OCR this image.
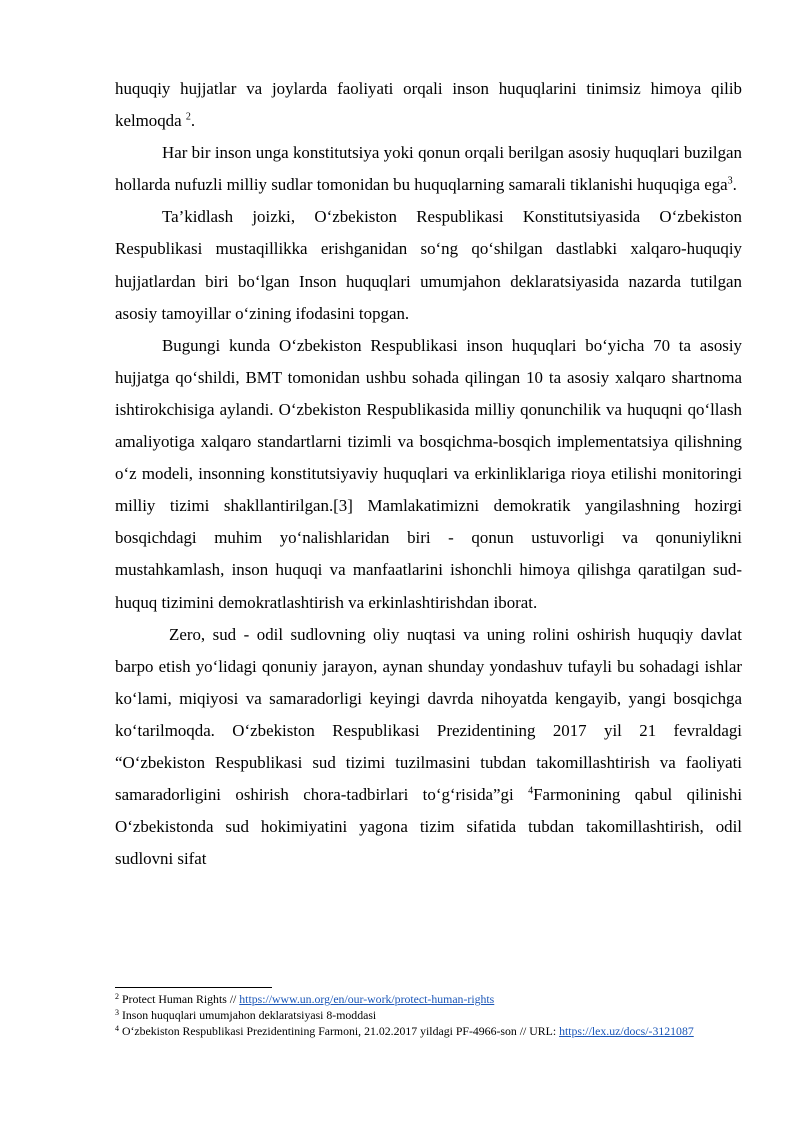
huquqiy hujjatlar va joylarda faoliyati orqali inson huquqlarini tinimsiz himoya qilib kelmoqda $^2$.

Har bir inson unga konstitutsiya yoki qonun orqali berilgan asosiy huquqlari buzilgan hollarda nufuzli milliy sudlar tomonidan bu huquqlarning samarali tiklanishi huquqiga ega$^3$.

Ta’kidlash joizki, O‘zbekiston Respublikasi Konstitutsiyasida O‘zbekiston Respublikasi mustaqillikka erishganidan so‘ng qo‘shilgan dastlabki xalqaro-huquqiy hujjatlardan biri bo‘lgan Inson huquqlari umumjahon deklaratsiyasida nazarda tutilgan asosiy tamoyillar o‘zining ifodasini topgan.

Bugungi kunda O‘zbekiston Respublikasi inson huquqlari bo‘yicha 70 ta asosiy hujjatga qo‘shildi, BMT tomonidan ushbu sohada qilingan 10 ta asosiy xalqaro shartnoma ishtirokchisiga aylandi. O‘zbekiston Respublikasida milliy qonunchilik va huquqni qo‘llash amaliyotiga xalqaro standartlarni tizimli va bosqichma-bosqich implementatsiya qilishning o‘z modeli, insonning konstitutsiyaviy huquqlari va erkinliklariga rioya etilishi monitoringi milliy tizimi shakllantirilgan.[3] Mamlakatimizni demokratik yangilashning hozirgi bosqichdagi muhim yo‘nalishlaridan biri - qonun ustuvorligi va qonuniylikni mustahkamlash, inson huquqi va manfaatlarini ishonchli himoya qilishga qaratilgan sud-huquq tizimini demokratlashtirish va erkinlashtirishdan iborat.

Zero, sud - odil sudlovning oliy nuqtasi va uning rolini oshirish huquqiy davlat barpo etish yo‘lidagi qonuniy jarayon, aynan shunday yondashuv tufayli bu sohadagi ishlar ko‘lami, miqiyosi va samaradorligi keyingi davrda nihoyatda kengayib, yangi bosqichga ko‘tarilmoqda. O‘zbekiston Respublikasi Prezidentining 2017 yil 21 fevraldagi “O‘zbekiston Respublikasi sud tizimi tuzilmasini tubdan takomillashtirish va faoliyati samaradorligini oshirish chora-tadbirlari to‘g‘risida”gi $^4$Farmonining qabul qilinishi O‘zbekistonda sud hokimiyatini yagona tizim sifatida tubdan takomillashtirish, odil sudlovni sifat

$^2$ Protect Human Rights // https://www.un.org/en/our-work/protect-human-rights

$^3$ Inson huquqlari umumjahon deklaratsiyasi 8-moddasi

$^4$ O‘zbekiston Respublikasi Prezidentining Farmoni, 21.02.2017 yildagi PF-4966-son // URL: https://lex.uz/docs/-3121087
